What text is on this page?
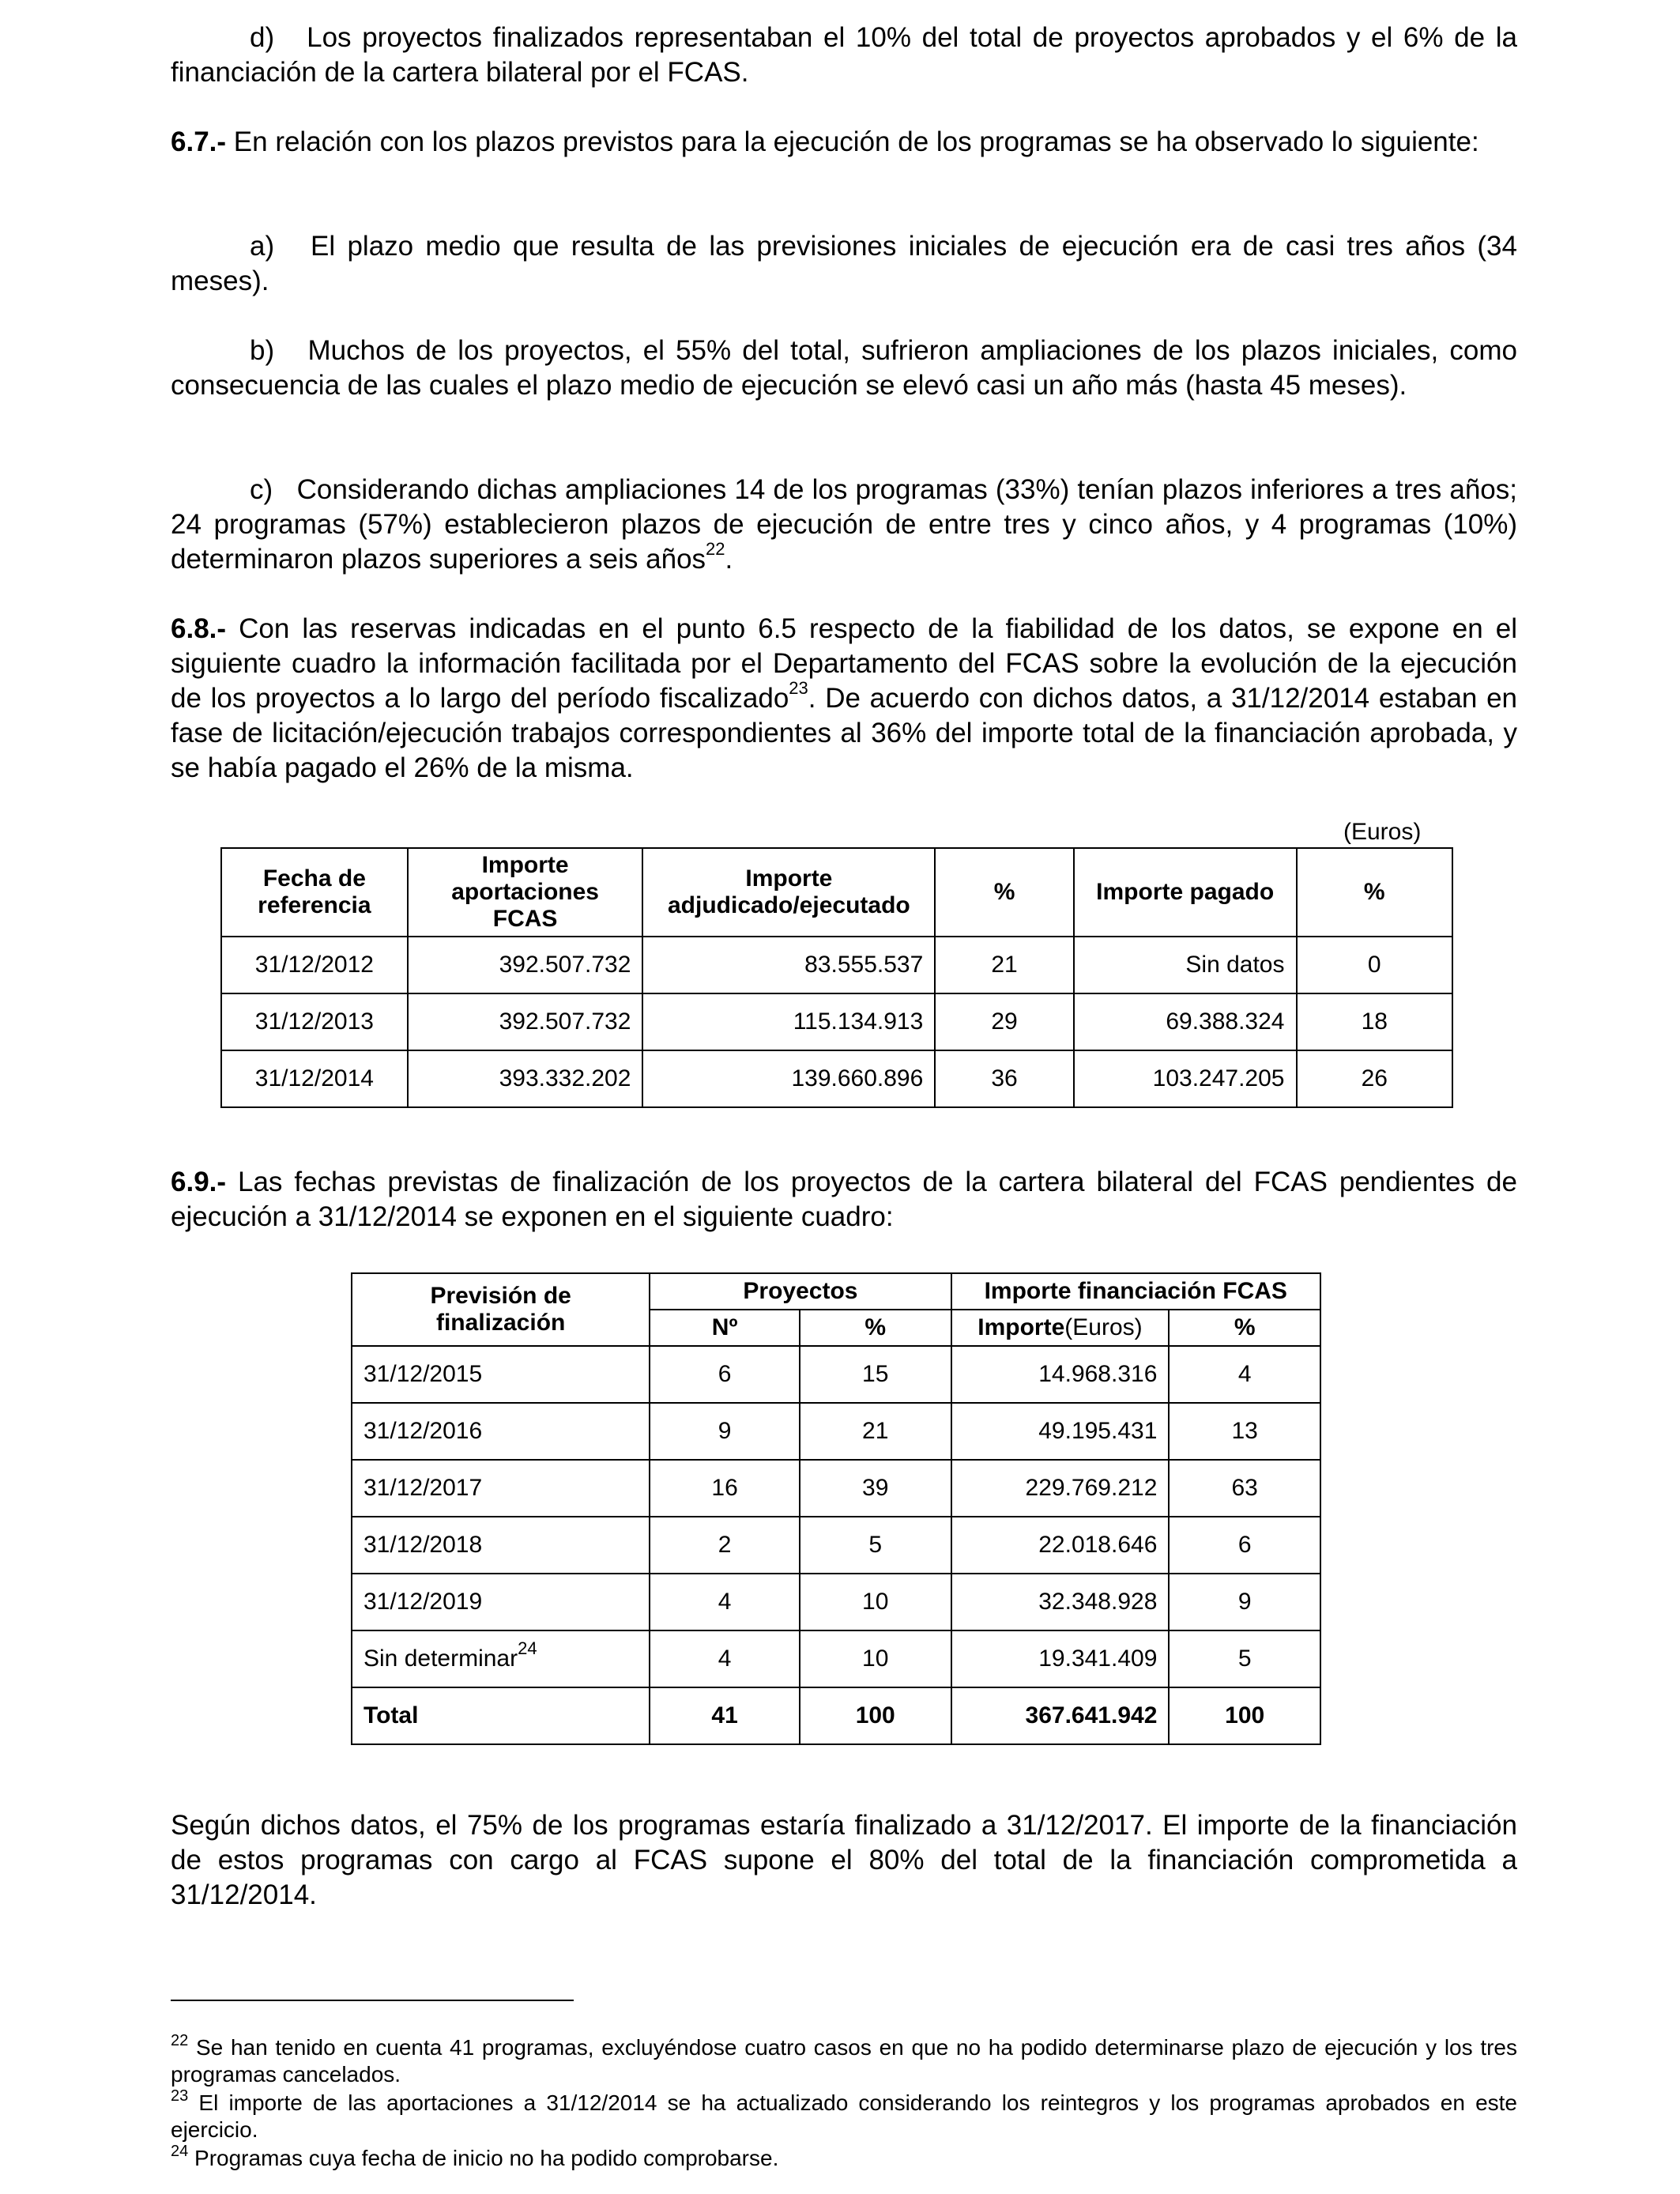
d) Los proyectos finalizados representaban el 10% del total de proyectos aprobados y el 6% de la financiación de la cartera bilateral por el FCAS.

6.7.- En relación con los plazos previstos para la ejecución de los programas se ha observado lo siguiente:

a) El plazo medio que resulta de las previsiones iniciales de ejecución era de casi tres años (34 meses).

b) Muchos de los proyectos, el 55% del total, sufrieron ampliaciones de los plazos iniciales, como consecuencia de las cuales el plazo medio de ejecución se elevó casi un año más (hasta 45 meses).

c) Considerando dichas ampliaciones 14 de los programas (33%) tenían plazos inferiores a tres años; 24 programas (57%) establecieron plazos de ejecución de entre tres y cinco años, y 4 programas (10%) determinaron plazos superiores a seis años$^{22}$.

6.8.- Con las reservas indicadas en el punto 6.5 respecto de la fiabilidad de los datos, se expone en el siguiente cuadro la información facilitada por el Departamento del FCAS sobre la evolución de la ejecución de los proyectos a lo largo del período fiscalizado$^{23}$. De acuerdo con dichos datos, a 31/12/2014 estaban en fase de licitación/ejecución trabajos correspondientes al 36% del importe total de la financiación aprobada, y se había pagado el 26% de la misma.

(Euros)
Fecha de referencia	Importe aportaciones FCAS	Importe adjudicado/ejecutado	%	Importe pagado	%
31/12/2012	392.507.732	83.555.537	21	Sin datos	0
31/12/2013	392.507.732	115.134.913	29	69.388.324	18
31/12/2014	393.332.202	139.660.896	36	103.247.205	26

6.9.- Las fechas previstas de finalización de los proyectos de la cartera bilateral del FCAS pendientes de ejecución a 31/12/2014 se exponen en el siguiente cuadro:

Previsión de finalización	Proyectos		Importe financiación FCAS	
	Nº	%	Importe(Euros)	%
31/12/2015	6	15	14.968.316	4
31/12/2016	9	21	49.195.431	13
31/12/2017	16	39	229.769.212	63
31/12/2018	2	5	22.018.646	6
31/12/2019	4	10	32.348.928	9
Sin determinar$^{24}$	4	10	19.341.409	5
Total	41	100	367.641.942	100

Según dichos datos, el 75% de los programas estaría finalizado a 31/12/2017. El importe de la financiación de estos programas con cargo al FCAS supone el 80% del total de la financiación comprometida a 31/12/2014.

$^{22}$ Se han tenido en cuenta 41 programas, excluyéndose cuatro casos en que no ha podido determinarse plazo de ejecución y los tres programas cancelados.

$^{23}$ El importe de las aportaciones a 31/12/2014 se ha actualizado considerando los reintegros y los programas aprobados en este ejercicio.

$^{24}$ Programas cuya fecha de inicio no ha podido comprobarse.
